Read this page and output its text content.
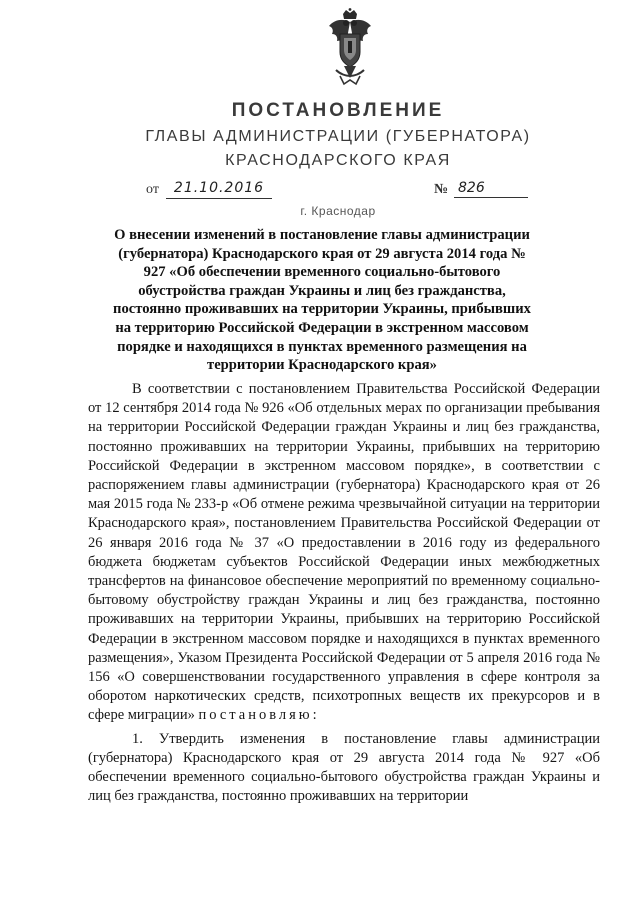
ПОСТАНОВЛЕНИЕ
ГЛАВЫ АДМИНИСТРАЦИИ (ГУБЕРНАТОРА)
КРАСНОДАРСКОГО КРАЯ
от	21.10.2016	№ 826
г. Краснодар
О внесении изменений в постановление главы администрации (губернатора) Краснодарского края от 29 августа 2014 года № 927 «Об обеспечении временного социально-бытового обустройства граждан Украины и лиц без гражданства, постоянно проживавших на территории Украины, прибывших на территорию Российской Федерации в экстренном массовом порядке и находящихся в пунктах временного размещения на территории Краснодарского края»

В соответствии с постановлением Правительства Российской Федерации от 12 сентября 2014 года № 926 «Об отдельных мерах по организации пребывания на территории Российской Федерации граждан Украины и лиц без гражданства, постоянно проживавших на территории Украины, прибывших на территорию Российской Федерации в экстренном массовом порядке», в соответствии с распоряжением главы администрации (губернатора) Краснодарского края от 26 мая 2015 года № 233-р «Об отмене режима чрезвычайной ситуации на территории Краснодарского края», постановлением Правительства Российской Федерации от 26 января 2016 года № 37 «О предоставлении в 2016 году из федерального бюджета бюджетам субъектов Российской Федерации иных межбюджетных трансфертов на финансовое обеспечение мероприятий по временному социально-бытовому обустройству граждан Украины и лиц без гражданства, постоянно проживавших на территории Украины, прибывших на территорию Российской Федерации в экстренном массовом порядке и находящихся в пунктах временного размещения», Указом Президента Российской Федерации от 5 апреля 2016 года № 156 «О совершенствовании государственного управления в сфере контроля за оборотом наркотических средств, психотропных веществ их прекурсоров и в сфере миграции» постановляю:

1. Утвердить изменения в постановление главы администрации (губернатора) Краснодарского края от 29 августа 2014 года № 927 «Об обеспечении временного социально-бытового обустройства граждан Украины и лиц без гражданства, постоянно проживавших на территории
